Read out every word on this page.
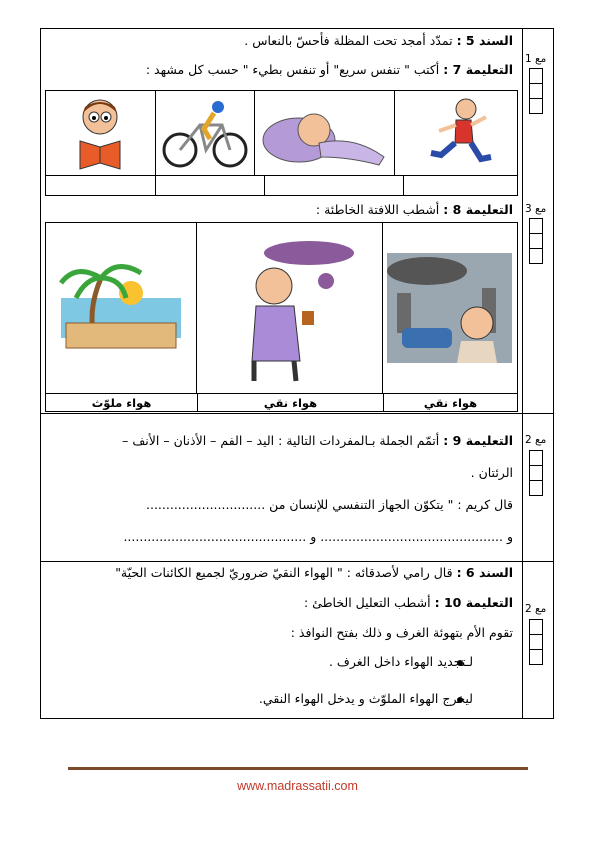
السند 5 : تمدّد أمجد تحت المظلة فأحسّ بالنعاس .
التعليمة 7 : أكتب " تنفس سريع" أو تنفس بطيء " حسب كل مشهد :
مع 1
التعليمة 8 : أشطب اللافتة الخاطئة :	مع 3
هواء ملوّث	هواء نقي	هواء نقي
التعليمة 9 : أتمّم الجملة بـالمفردات التالية : اليد – الفم – الأذنان – الأنف –
الرئتان .
قال كريم : " يتكوّن الجهاز التنفسي للإنسان من ..............................
و .............................................. و ..............................................
مع 2
السند 6 : قال رامي لأصدقائه : " الهواء النقيّ ضروريّ لجميع الكائنات الحيّة"
التعليمة 10 : أشطب التعليل الخاطئ :
تقوم الأم بتهوئة الغرف و ذلك بفتح النوافذ :
لـتجديد الهواء داخل الغرف .
ليخرج الهواء الملوّث و يدخل الهواء النقي.
مع 2
www.madrassatii.com
